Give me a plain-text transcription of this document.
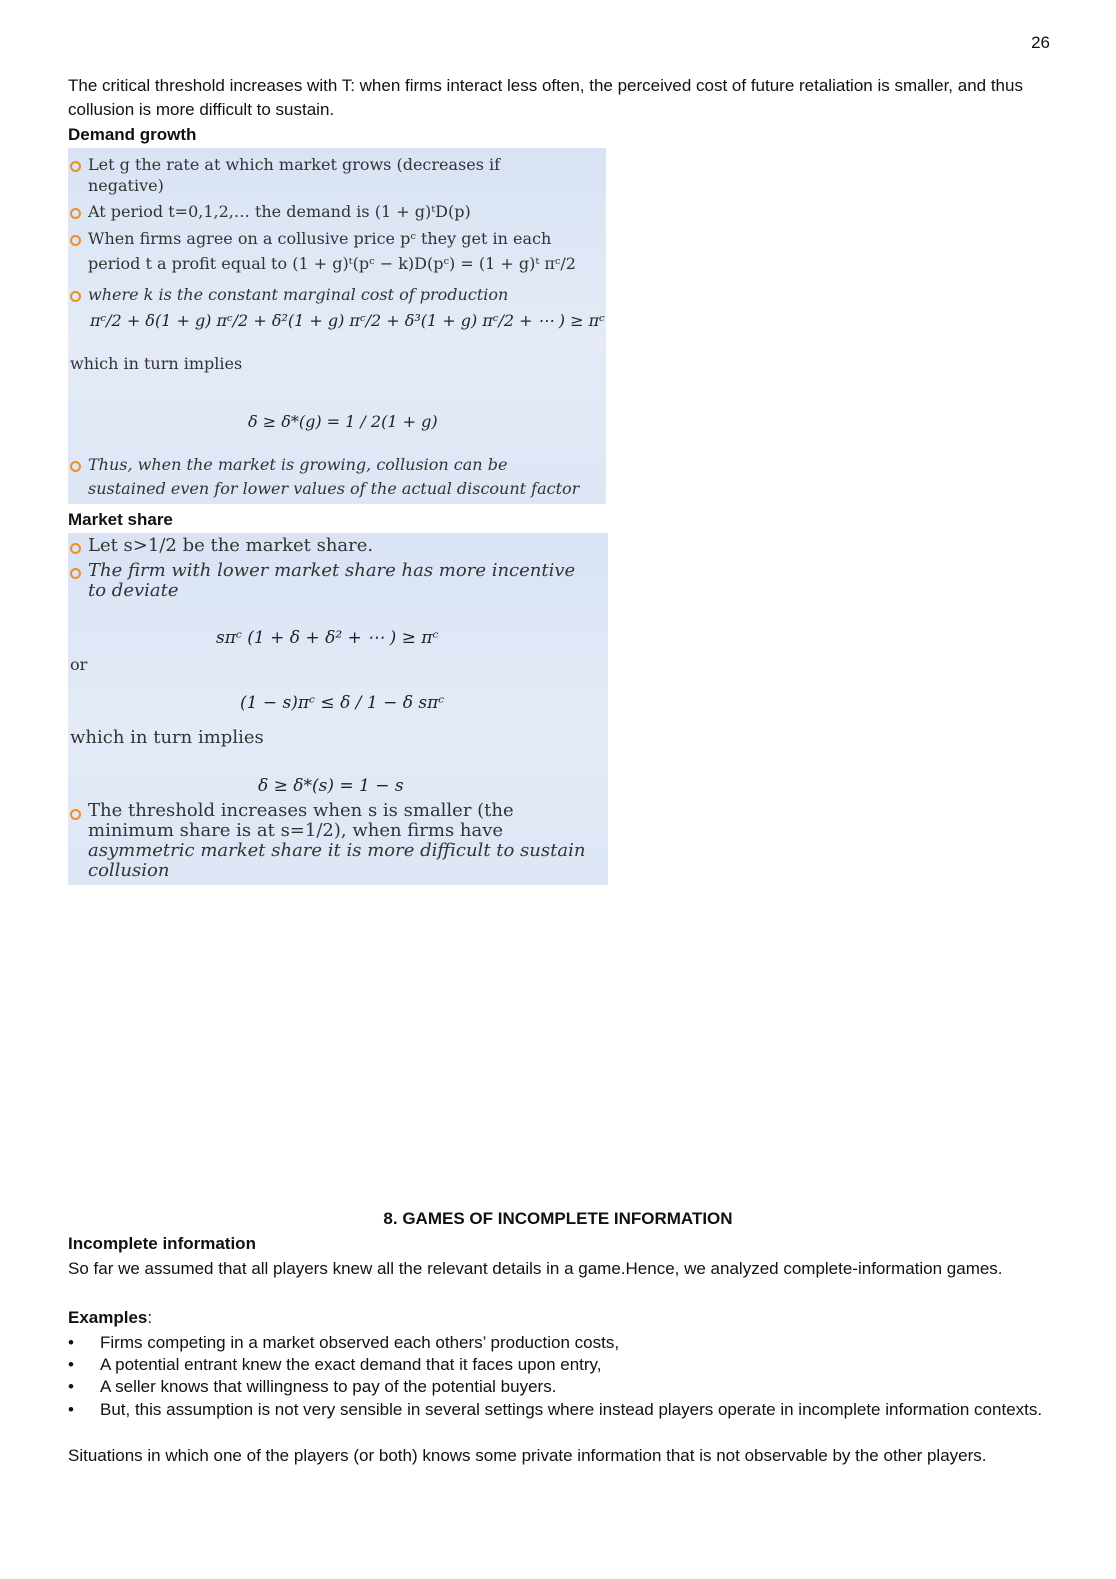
26
The critical threshold increases with T: when firms interact less often, the perceived cost of future retaliation is smaller, and thus collusion is more difficult to sustain.
Demand growth
Let g the rate at which market grows (decreases if
negative)
At period t=0,1,2,… the demand is (1 + g)ᵗD(p)
When firms agree on a collusive price pᶜ they get in each
period t a profit equal to (1 + g)ᵗ(pᶜ − k)D(pᶜ) = (1 + g)ᵗ πᶜ/2
where k is the constant marginal cost of production
πᶜ/2 + δ(1 + g) πᶜ/2 + δ²(1 + g) πᶜ/2 + δ³(1 + g) πᶜ/2 + ⋯ ) ≥ πᶜ
which in turn implies
δ ≥ δ*(g) = 1 / 2(1 + g)
Thus, when the market is growing, collusion can be
sustained even for lower values of the actual discount factor
Market share
Let s>1/2 be the market share.
The firm with lower market share has more incentive
to deviate
sπᶜ (1 + δ + δ² + ⋯ ) ≥ πᶜ
or
(1 − s)πᶜ ≤ δ / 1 − δ sπᶜ
which in turn implies
δ ≥ δ*(s) = 1 − s
The threshold increases when s is smaller (the
minimum share is at s=1/2), when firms have
asymmetric market share it is more difficult to sustain
collusion
8. GAMES OF INCOMPLETE INFORMATION
Incomplete information
So far we assumed that all players knew all the relevant details in a game.Hence, we analyzed complete-information games.
Examples:
• Firms competing in a market observed each others’ production costs,
• A potential entrant knew the exact demand that it faces upon entry,
• A seller knows that willingness to pay of the potential buyers.
• But, this assumption is not very sensible in several settings where instead players operate in incomplete information contexts.
Situations in which one of the players (or both) knows some private information that is not observable by the other players.
